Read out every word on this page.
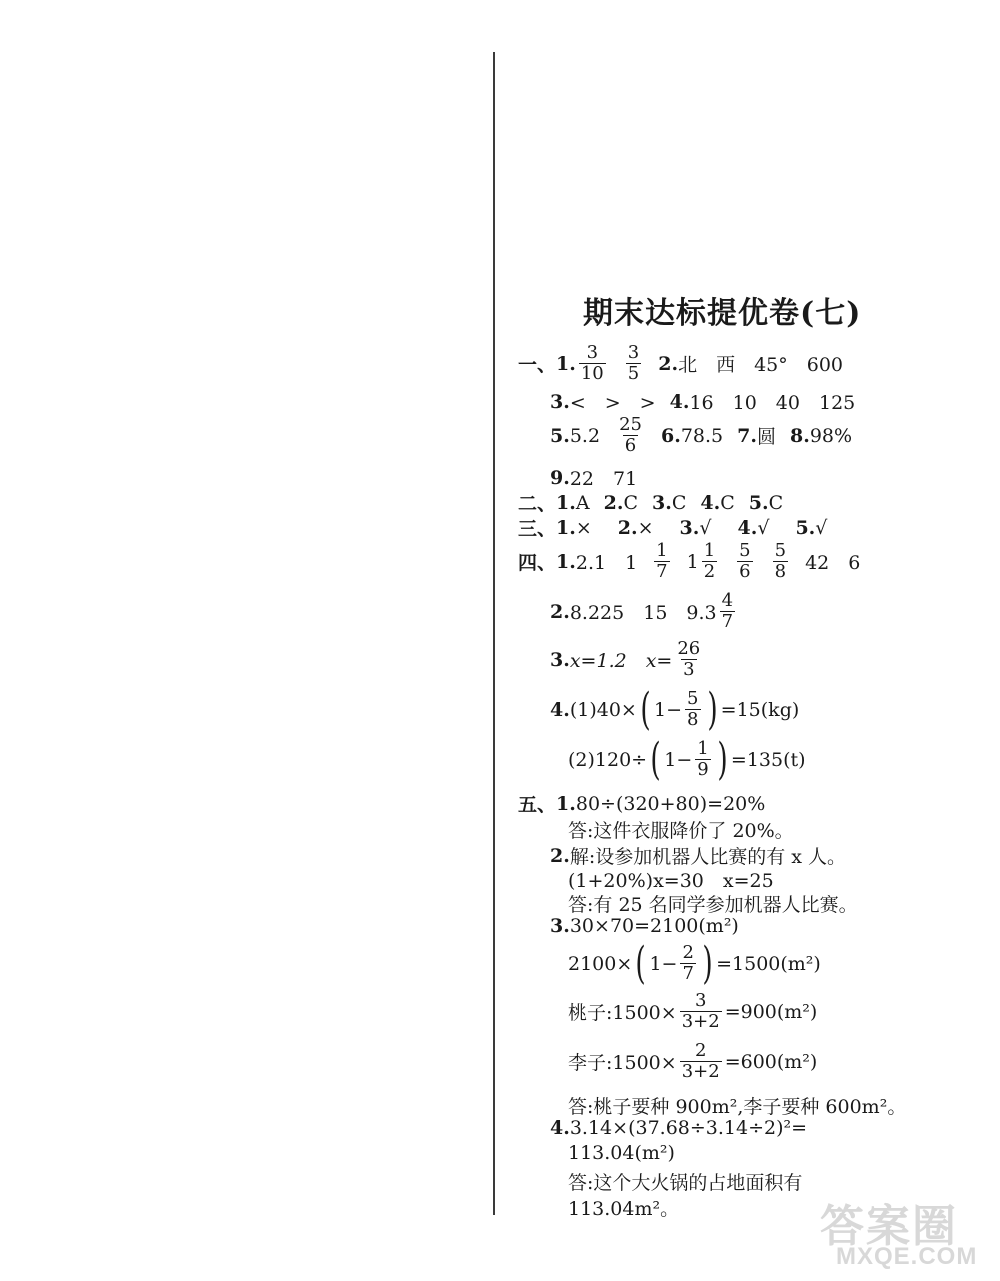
期末达标提优卷(七)
一、 1. $\frac{3}{10} \frac{3}{5} 2$. 北　西　45°　600
3. <　>　> 4. 16　10　40　125
5. $5.2 \frac{25}{6} 6$. 78.5 7. 圆 8. 98%
9. 22　71
二、 1. A 2. C 3. C 4. C 5. C
三、 1. × 2. × 3. √ 4. √ 5. √
四、 1. 2.1　$1 \frac{1}{7} 1 \frac{1}{2} \frac{5}{6} \frac{5}{8} 42$　6
2. 8.225　15　$9.3 \frac{4}{7}$
3. x=1.2　$x= \frac{26}{3}$
4. (1)40× ( $1- \frac{5}{8}$ ) =15(kg)
(2)120÷ ( $1- \frac{1}{9}$ ) =135(t)
五、 1. 80÷(320+80)=20%
答:这件衣服降价了 20%。
2. 解:设参加机器人比赛的有 x 人。
(1+20%)x=30　x=25
答:有 25 名同学参加机器人比赛。
3. 30×70=2100(m²)
2100× ( $1- \frac{2}{7}$ ) =1500(m²)
桃子:1500× $\frac{3}{3+2} =900(m^2)$
李子:1500× $\frac{2}{3+2} =600(m^2)$
答:桃子要种 900m²,李子要种 600m²。
4. 3.14×(37.68÷3.14÷2)²=
113.04(m²)
答:这个大火锅的占地面积有
113.04m²。	答案圈
MXQE.COM
